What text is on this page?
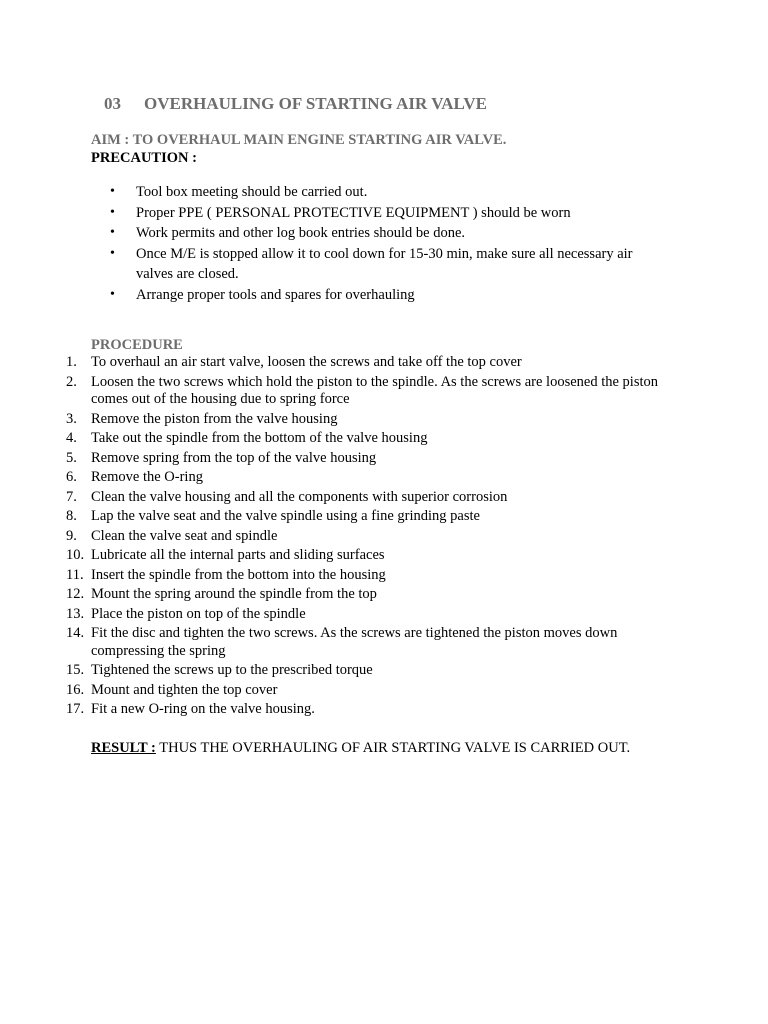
03 OVERHAULING OF STARTING AIR VALVE
AIM : TO OVERHAUL MAIN ENGINE STARTING AIR VALVE.
PRECAUTION :
• Tool box meeting should be carried out.
• Proper PPE ( PERSONAL PROTECTIVE EQUIPMENT ) should be worn
• Work permits and other log book entries should be done.
• Once M/E is stopped allow it to cool down for 15-30 min, make sure all necessary air valves are closed.
• Arrange proper tools and spares for overhauling
PROCEDURE
1. To overhaul an air start valve, loosen the screws and take off the top cover
2. Loosen the two screws which hold the piston to the spindle. As the screws are loosened the piston comes out of the housing due to spring force
3. Remove the piston from the valve housing
4. Take out the spindle from the bottom of the valve housing
5. Remove spring from the top of the valve housing
6. Remove the O-ring
7. Clean the valve housing and all the components with superior corrosion
8. Lap the valve seat and the valve spindle using a fine grinding paste
9. Clean the valve seat and spindle
10. Lubricate all the internal parts and sliding surfaces
11. Insert the spindle from the bottom into the housing
12. Mount the spring around the spindle from the top
13. Place the piston on top of the spindle
14. Fit the disc and tighten the two screws. As the screws are tightened the piston moves down compressing the spring
15. Tightened the screws up to the prescribed torque
16. Mount and tighten the top cover
17. Fit a new O-ring on the valve housing.
RESULT : THUS THE OVERHAULING OF AIR STARTING VALVE IS CARRIED OUT.
